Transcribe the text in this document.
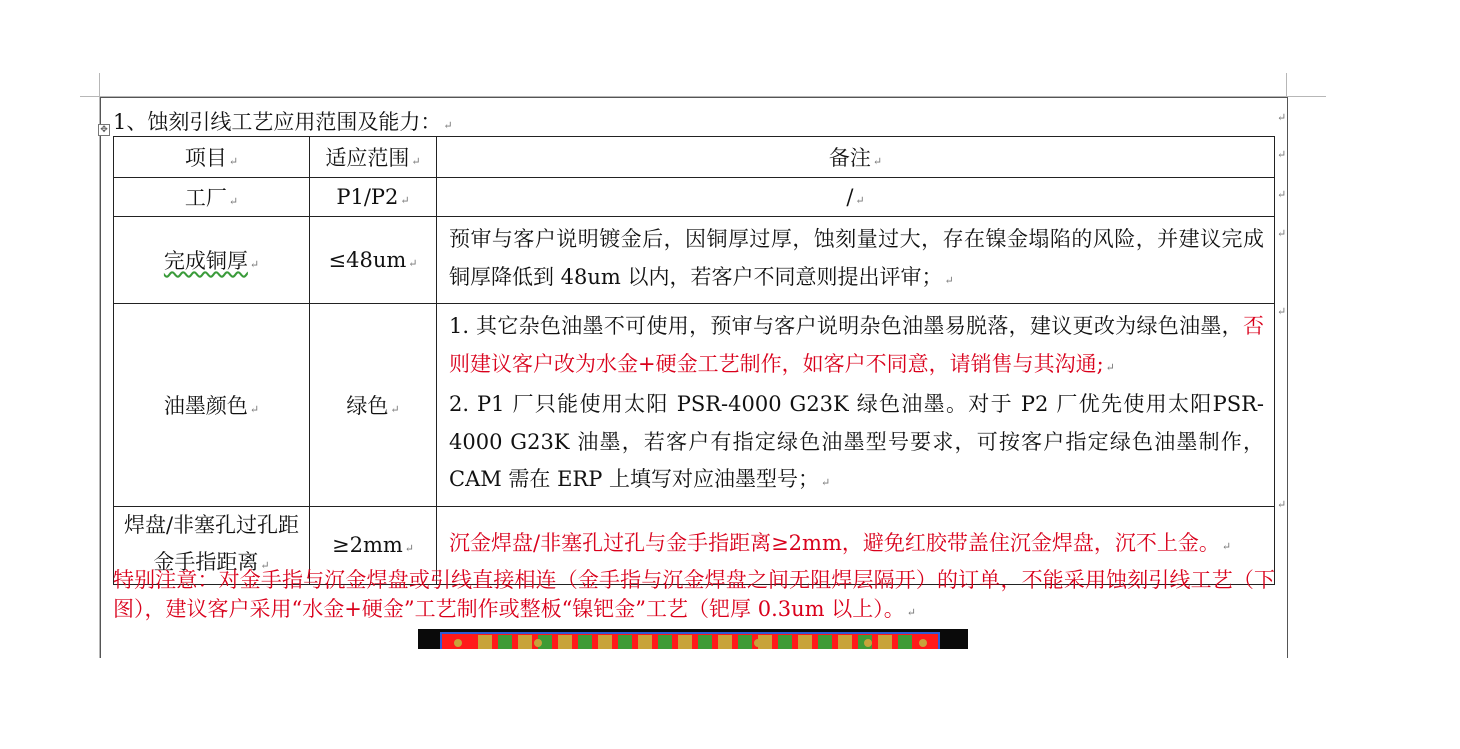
✥ 1、蚀刻引线工艺应用范围及能力： ↵
项目 ↵	适应范围 ↵	备注 ↵
工厂 ↵	P1/P2 ↵	/ ↵
完成铜厚 ↵	≤48um ↵	预审与客户说明镀金后，因铜厚过厚，蚀刻量过大，存在镍金塌陷的风险，并建议完成铜厚降低到 48um 以内，若客户不同意则提出评审； ↵
油墨颜色 ↵	绿色 ↵	1. 其它杂色油墨不可使用，预审与客户说明杂色油墨易脱落，建议更改为绿色油墨，否则建议客户改为水金+硬金工艺制作，如客户不同意，请销售与其沟通; ↵
2. P1 厂只能使用太阳 PSR-4000 G23K 绿色油墨。对于 P2 厂优先使用太阳PSR-4000 G23K 油墨，若客户有指定绿色油墨型号要求，可按客户指定绿色油墨制作，CAM 需在 ERP 上填写对应油墨型号； ↵
焊盘/非塞孔过孔距金手指距离 ↵	≥2mm ↵	沉金焊盘/非塞孔过孔与金手指距离≥2mm，避免红胶带盖住沉金焊盘，沉不上金。 ↵
↵
↵
↵
↵
↵
↵
特别注意：对金手指与沉金焊盘或引线直接相连（金手指与沉金焊盘之间无阻焊层隔开）的订单，不能采用蚀刻引线工艺（下图），建议客户采用“水金+硬金”工艺制作或整板“镍钯金”工艺（钯厚 0.3um 以上）。 ↵
